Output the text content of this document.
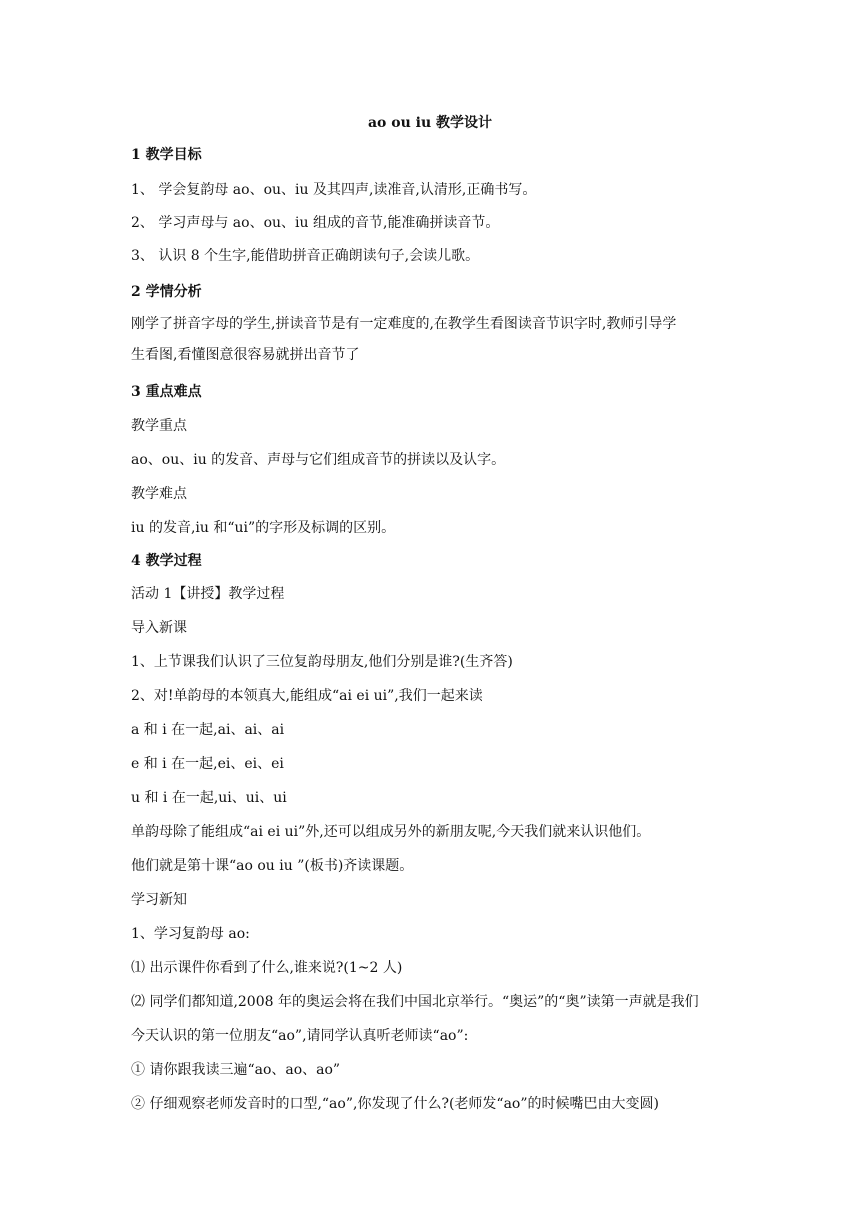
ao ou iu 教学设计
1 教学目标
1、 学会复韵母 ao、ou、iu 及其四声,读准音,认清形,正确书写。
2、 学习声母与 ao、ou、iu 组成的音节,能准确拼读音节。
3、 认识 8 个生字,能借助拼音正确朗读句子,会读儿歌。
2 学情分析
刚学了拼音字母的学生,拼读音节是有一定难度的,在教学生看图读音节识字时,教师引导学
生看图,看懂图意很容易就拼出音节了
3 重点难点
教学重点
ao、ou、iu 的发音、声母与它们组成音节的拼读以及认字。
教学难点
iu 的发音,iu 和“ui”的字形及标调的区别。
4 教学过程
活动 1【讲授】教学过程
导入新课
1、上节课我们认识了三位复韵母朋友,他们分别是谁?(生齐答)
2、对!单韵母的本领真大,能组成“ai ei ui”,我们一起来读
a 和 i 在一起,ai、ai、ai
e 和 i 在一起,ei、ei、ei
u 和 i 在一起,ui、ui、ui
单韵母除了能组成“ai ei ui”外,还可以组成另外的新朋友呢,今天我们就来认识他们。
他们就是第十课“ao ou iu ”(板书)齐读课题。
学习新知
1、学习复韵母 ao:
⑴ 出示课件你看到了什么,谁来说?(1~2 人)
⑵ 同学们都知道,2008 年的奥运会将在我们中国北京举行。“奥运”的“奥”读第一声就是我们
今天认识的第一位朋友“ao”,请同学认真听老师读“ao”:
① 请你跟我读三遍“ao、ao、ao”
② 仔细观察老师发音时的口型,“ao”,你发现了什么?(老师发“ao”的时候嘴巴由大变圆)
